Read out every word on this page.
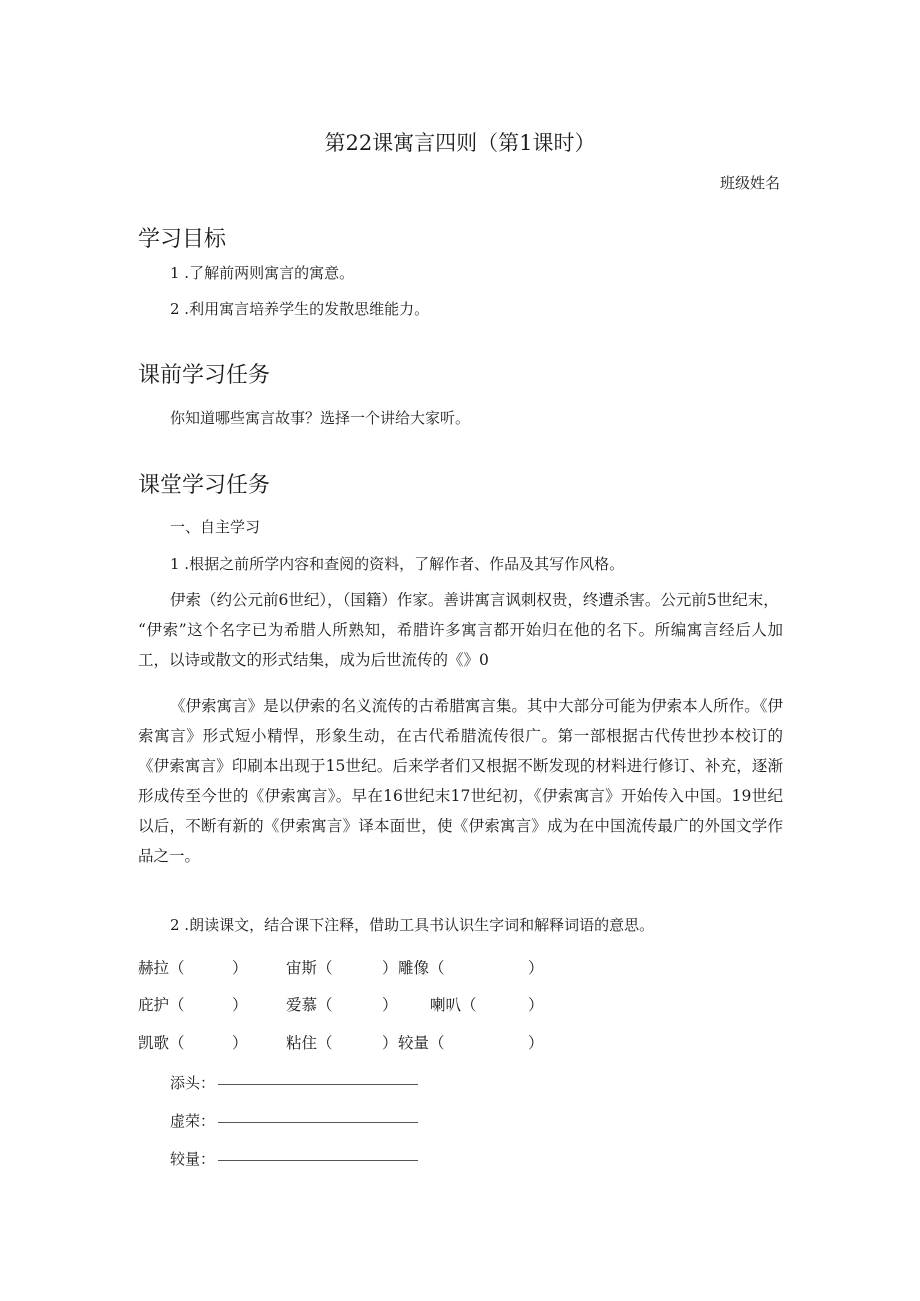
第22课寓言四则（第1课时）
班级姓名
学习目标
1 .了解前两则寓言的寓意。
2 .利用寓言培养学生的发散思维能力。
课前学习任务
你知道哪些寓言故事？选择一个讲给大家听。
课堂学习任务
一、自主学习
1 .根据之前所学内容和查阅的资料，了解作者、作品及其写作风格。
伊索（约公元前6世纪），（国籍）作家。善讲寓言讽刺权贵，终遭杀害。公元前5世纪末，
“伊索”这个名字已为希腊人所熟知，希腊许多寓言都开始归在他的名下。所编寓言经后人加工，以诗或散文的形式结集，成为后世流传的《》0
《伊索寓言》是以伊索的名义流传的古希腊寓言集。其中大部分可能为伊索本人所作。《伊索寓言》形式短小精悍，形象生动，在古代希腊流传很广。第一部根据古代传世抄本校订的《伊索寓言》印刷本出现于15世纪。后来学者们又根据不断发现的材料进行修订、补充，逐渐形成传至今世的《伊索寓言》。早在16世纪末17世纪初，《伊索寓言》开始传入中国。19世纪以后，不断有新的《伊索寓言》译本面世，使《伊索寓言》成为在中国流传最广的外国文学作品之一。
2 .朗读课文，结合课下注释，借助工具书认识生字词和解释词语的意思。
赫拉（	） 宙斯（	） 雕像（	）
庇护（	） 爱慕（	） 喇叭（	）
凯歌（	） 粘住（	） 较量（	）
添头：
虚荣：
较量：
